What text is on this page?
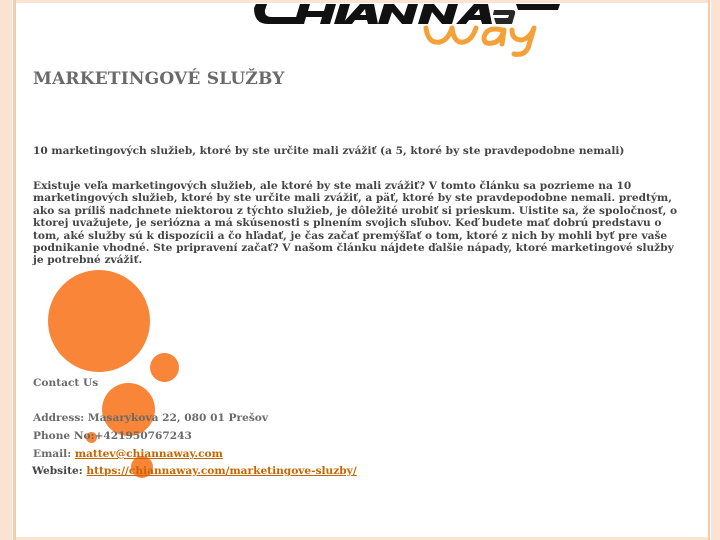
MARKETINGOVÉ SLUŽBY

10 marketingových služieb, ktoré by ste určite mali zvážiť (a 5, ktoré by ste pravdepodobne nemali)

Existuje veľa marketingových služieb, ale ktoré by ste mali zvážiť? V tomto článku sa pozrieme na 10 marketingových služieb, ktoré by ste určite mali zvážiť, a päť, ktoré by ste pravdepodobne nemali. predtým, ako sa príliš nadchnete niektorou z týchto služieb, je dôležité urobiť si prieskum. Uistite sa, že spoločnosť, o ktorej uvažujete, je seriózna a má skúsenosti s plnením svojich sľubov. Keď budete mať dobrú predstavu o tom, aké služby sú k dispozícii a čo hľadať, je čas začať premýšľať o tom, ktoré z nich by mohli byť pre vaše podnikanie vhodné. Ste pripravení začať? V našom článku nájdete ďalšie nápady, ktoré marketingové služby je potrebné zvážiť.

Contact Us

Address: Masarykova 22, 080 01 Prešov

Phone No:+421950767243

Email: mattev@chiannaway.com

Website: https://chiannaway.com/marketingove-sluzby/
